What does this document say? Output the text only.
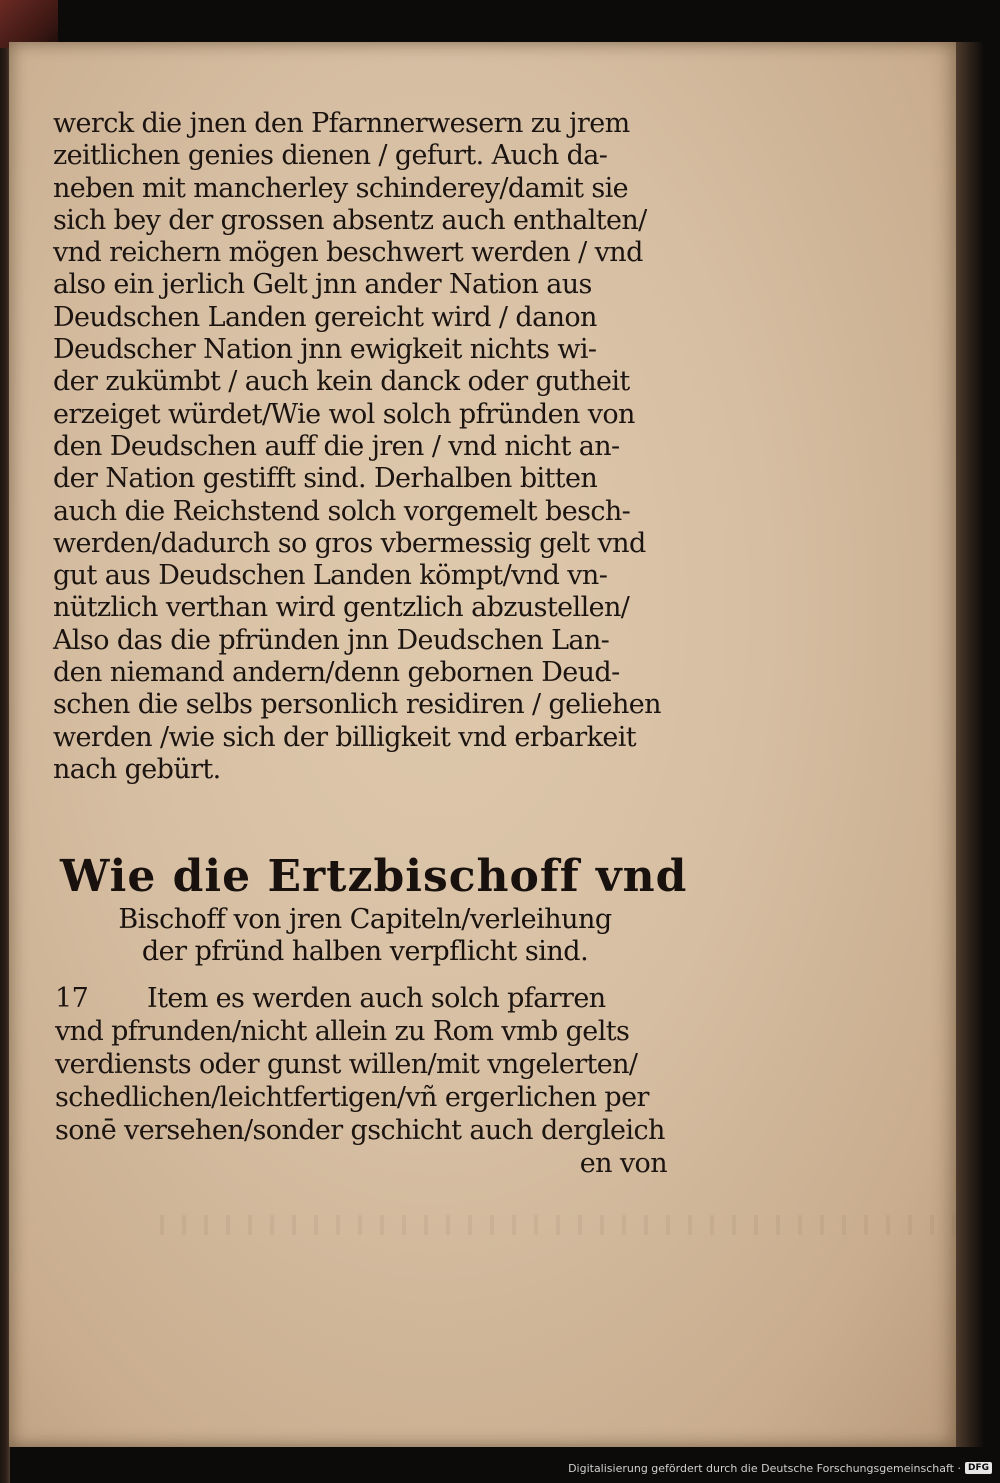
werck die jnen den Pfarnnerwesern zu jrem
zeitlichen genies dienen / gefurt. Auch da-
neben mit mancherley schinderey/damit sie
sich bey der grossen absentz auch enthalten/
vnd reichern mögen beschwert werden / vnd
also ein jerlich Gelt jnn ander Nation aus
Deudschen Landen gereicht wird / danon
Deudscher Nation jnn ewigkeit nichts wi-
der zukümbt / auch kein danck oder gutheit
erzeiget würdet/Wie wol solch pfründen von
den Deudschen auff die jren / vnd nicht an-
der Nation gestifft sind. Derhalben bitten
auch die Reichstend solch vorgemelt besch-
werden/dadurch so gros vbermessig gelt vnd
gut aus Deudschen Landen kömpt/vnd vn-
nützlich verthan wird gentzlich abzustellen/
Also das die pfründen jnn Deudschen Lan-
den niemand andern/denn gebornen Deud-
schen die selbs personlich residiren / geliehen
werden /wie sich der billigkeit vnd erbarkeit
nach gebürt.
Wie die Ertzbischoff vnd
Bischoff von jren Capiteln/verleihung
der pfründ halben verpflicht sind.
17 Item es werden auch solch pfarren
vnd pfrunden/nicht allein zu Rom vmb gelts
verdiensts oder gunst willen/mit vngelerten/
schedlichen/leichtfertigen/vñ ergerlichen per
sonē versehen/sonder gschicht auch dergleich
en von
Digitalisierung gefördert durch die Deutsche Forschungsgemeinschaft · DFG
